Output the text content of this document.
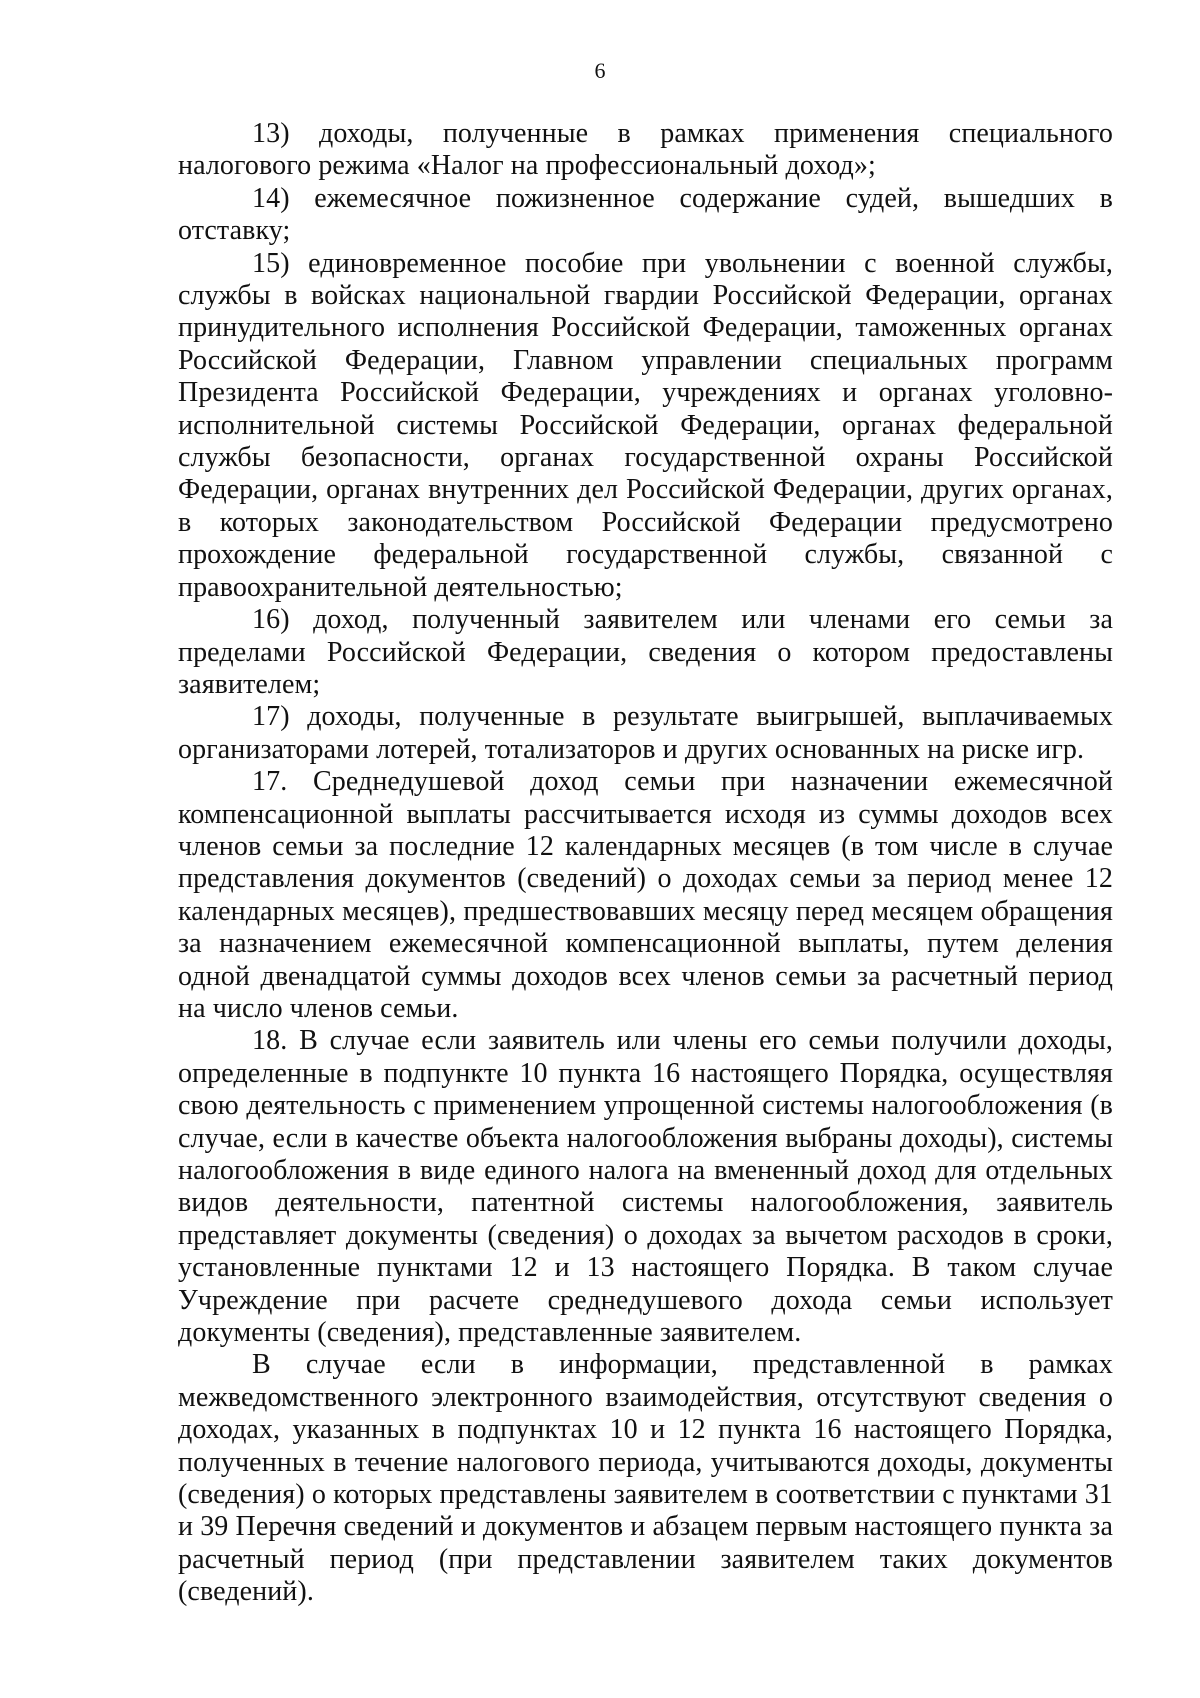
6

13) доходы, полученные в рамках применения специального налогового режима «Налог на профессиональный доход»;

14) ежемесячное пожизненное содержание судей, вышедших в отставку;

15) единовременное пособие при увольнении с военной службы, службы в войсках национальной гвардии Российской Федерации, органах принудительного исполнения Российской Федерации, таможенных органах Российской Федерации, Главном управлении специальных программ Президента Российской Федерации, учреждениях и органах уголовно-исполнительной системы Российской Федерации, органах федеральной службы безопасности, органах государственной охраны Российской Федерации, органах внутренних дел Российской Федерации, других органах, в которых законодательством Российской Федерации предусмотрено прохождение федеральной государственной службы, связанной с правоохранительной деятельностью;

16) доход, полученный заявителем или членами его семьи за пределами Российской Федерации, сведения о котором предоставлены заявителем;

17) доходы, полученные в результате выигрышей, выплачиваемых организаторами лотерей, тотализаторов и других основанных на риске игр.

17. Среднедушевой доход семьи при назначении ежемесячной компенсационной выплаты рассчитывается исходя из суммы доходов всех членов семьи за последние 12 календарных месяцев (в том числе в случае представления документов (сведений) о доходах семьи за период менее 12 календарных месяцев), предшествовавших месяцу перед месяцем обращения за назначением ежемесячной компенсационной выплаты, путем деления одной двенадцатой суммы доходов всех членов семьи за расчетный период на число членов семьи.

18. В случае если заявитель или члены его семьи получили доходы, определенные в подпункте 10 пункта 16 настоящего Порядка, осуществляя свою деятельность с применением упрощенной системы налогообложения (в случае, если в качестве объекта налогообложения выбраны доходы), системы налогообложения в виде единого налога на вмененный доход для отдельных видов деятельности, патентной системы налогообложения, заявитель представляет документы (сведения) о доходах за вычетом расходов в сроки, установленные пунктами 12 и 13 настоящего Порядка. В таком случае Учреждение при расчете среднедушевого дохода семьи использует документы (сведения), представленные заявителем.

В случае если в информации, представленной в рамках межведомственного электронного взаимодействия, отсутствуют сведения о доходах, указанных в подпунктах 10 и 12 пункта 16 настоящего Порядка, полученных в течение налогового периода, учитываются доходы, документы (сведения) о которых представлены заявителем в соответствии с пунктами 31 и 39 Перечня сведений и документов и абзацем первым настоящего пункта за расчетный период (при представлении заявителем таких документов (сведений).
